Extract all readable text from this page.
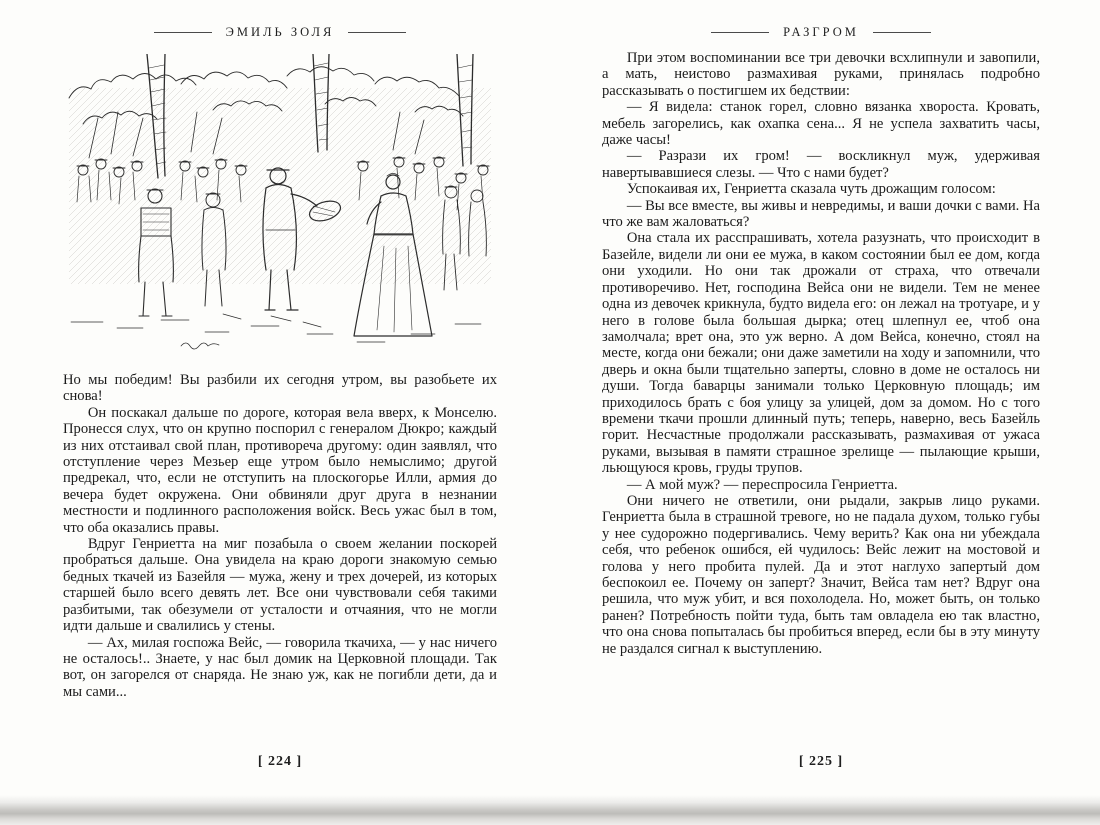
ЭМИЛЬ ЗОЛЯ

Но мы победим! Вы разбили их сегодня утром, вы разобьете их снова!

Он поскакал дальше по дороге, которая вела вверх, к Монселю. Пронесся слух, что он крупно поспорил с генералом Дюкро; каждый из них отстаивал свой план, противореча другому: один заявлял, что отступление через Мезьер еще утром было немыслимо; другой предрекал, что, если не отступить на плоскогорье Илли, армия до вечера будет окружена. Они обвиняли друг друга в незнании местности и подлинного расположения войск. Весь ужас был в том, что оба оказались правы.

Вдруг Генриетта на миг позабыла о своем желании поскорей пробраться дальше. Она увидела на краю дороги знакомую семью бедных ткачей из Базейля — мужа, жену и трех дочерей, из которых старшей было всего девять лет. Все они чувствовали себя такими разбитыми, так обезумели от усталости и отчаяния, что не могли идти дальше и свалились у стены.

— Ах, милая госпожа Вейс, — говорила ткачиха, — у нас ничего не осталось!.. Знаете, у нас был домик на Церковной площади. Так вот, он загорелся от снаряда. Не знаю уж, как не погибли дети, да и мы сами...

[ 224 ]
РАЗГРОМ

При этом воспоминании все три девочки всхлипнули и завопили, а мать, неистово размахивая руками, принялась подробно рассказывать о постигшем их бедствии:

— Я видела: станок горел, словно вязанка хвороста. Кровать, мебель загорелись, как охапка сена... Я не успела захватить часы, даже часы!

— Разрази их гром! — воскликнул муж, удерживая навертывавшиеся слезы. — Что с нами будет?

Успокаивая их, Генриетта сказала чуть дрожащим голосом:

— Вы все вместе, вы живы и невредимы, и ваши дочки с вами. На что же вам жаловаться?

Она стала их расспрашивать, хотела разузнать, что происходит в Базейле, видели ли они ее мужа, в каком состоянии был ее дом, когда они уходили. Но они так дрожали от страха, что отвечали противоречиво. Нет, господина Вейса они не видели. Тем не менее одна из девочек крикнула, будто видела его: он лежал на тротуаре, и у него в голове была большая дырка; отец шлепнул ее, чтоб она замолчала; врет она, это уж верно. А дом Вейса, конечно, стоял на месте, когда они бежали; они даже заметили на ходу и запомнили, что дверь и окна были тщательно заперты, словно в доме не осталось ни души. Тогда баварцы занимали только Церковную площадь; им приходилось брать с боя улицу за улицей, дом за домом. Но с того времени ткачи прошли длинный путь; теперь, наверно, весь Базейль горит. Несчастные продолжали рассказывать, размахивая от ужаса руками, вызывая в памяти страшное зрелище — пылающие крыши, льющуюся кровь, груды трупов.

— А мой муж? — переспросила Генриетта.

Они ничего не ответили, они рыдали, закрыв лицо руками. Генриетта была в страшной тревоге, но не падала духом, только губы у нее судорожно подергивались. Чему верить? Как она ни убеждала себя, что ребенок ошибся, ей чудилось: Вейс лежит на мостовой и голова у него пробита пулей. Да и этот наглухо запертый дом беспокоил ее. Почему он заперт? Значит, Вейса там нет? Вдруг она решила, что муж убит, и вся похолодела. Но, может быть, он только ранен? Потребность пойти туда, быть там овладела ею так властно, что она снова попыталась бы пробиться вперед, если бы в эту минуту не раздался сигнал к выступлению.

[ 225 ]
